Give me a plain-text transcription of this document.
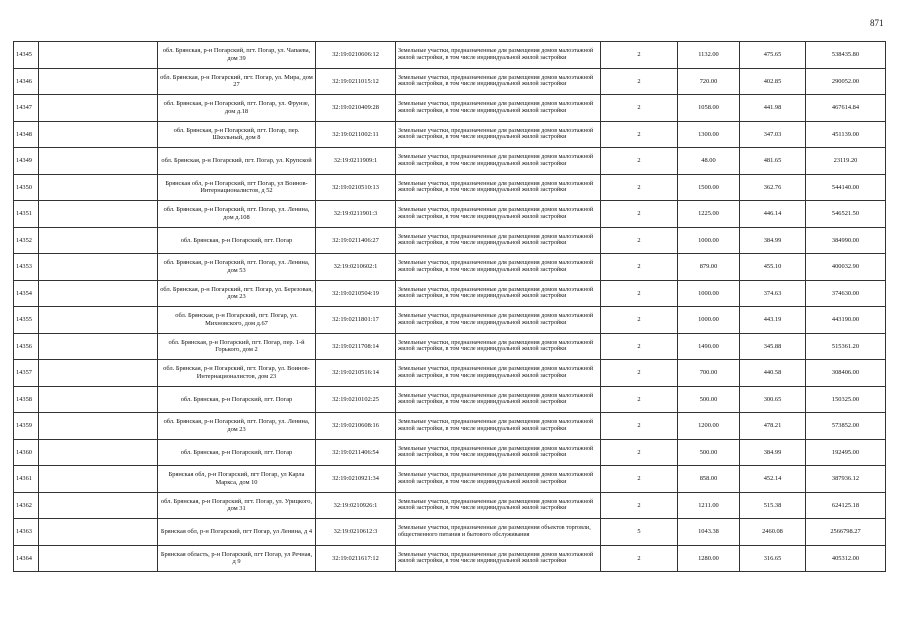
871
14345		обл. Брянская, р-н Погарский, пгт. Погар, ул. Чапаева, дом 39	32:19:0210606:12	Земельные участки, предназначенные для размещения домов малоэтажной жилой застройки, в том числе индивидуальной жилой застройки	2	1132.00	475.65	538435.80
14346		обл. Брянская, р-н Погарский, пгт. Погар, ул. Мира, дом 27	32:19:0211015:12	Земельные участки, предназначенные для размещения домов малоэтажной жилой застройки, в том числе индивидуальной жилой застройки	2	720.00	402.85	290052.00
14347		обл. Брянская, р-н Погарский, пгт. Погар, ул. Фрунзе, дом д.18	32:19:0210409:28	Земельные участки, предназначенные для размещения домов малоэтажной жилой застройки, в том числе индивидуальной жилой застройки	2	1058.00	441.98	467614.84
14348		обл. Брянская, р-н Погарский, пгт. Погар, пер. Школьный, дом 8	32:19:0211002:11	Земельные участки, предназначенные для размещения домов малоэтажной жилой застройки, в том числе индивидуальной жилой застройки	2	1300.00	347.03	451139.00
14349		обл. Брянская, р-н Погарский, пгт. Погар, ул. Крупской	32:19:0211909:1	Земельные участки, предназначенные для размещения домов малоэтажной жилой застройки, в том числе индивидуальной жилой застройки	2	48.00	481.65	23119.20
14350		Брянская обл, р-н Погарский, пгт Погар, ул Воинов-Интернационалистов, д 52	32:19:0210510:13	Земельные участки, предназначенные для размещения домов малоэтажной жилой застройки, в том числе индивидуальной жилой застройки	2	1500.00	362.76	544140.00
14351		обл. Брянская, р-н Погарский, пгт. Погар, ул. Ленина, дом д.108	32:19:0211901:3	Земельные участки, предназначенные для размещения домов малоэтажной жилой застройки, в том числе индивидуальной жилой застройки	2	1225.00	446.14	546521.50
14352		обл. Брянская, р-н Погарский, пгт. Погар	32:19:0211406:27	Земельные участки, предназначенные для размещения домов малоэтажной жилой застройки, в том числе индивидуальной жилой застройки	2	1000.00	384.99	384990.00
14353		обл. Брянская, р-н Погарский, пгт. Погар, ул. Ленина, дом 53	32:19:0210602:1	Земельные участки, предназначенные для размещения домов малоэтажной жилой застройки, в том числе индивидуальной жилой застройки	2	879.00	455.10	400032.90
14354		обл. Брянская, р-н Погарский, пгт. Погар, ул. Березовая, дом 23	32:19:0210504:19	Земельные участки, предназначенные для размещения домов малоэтажной жилой застройки, в том числе индивидуальной жилой застройки	2	1000.00	374.63	374630.00
14355		обл. Брянская, р-н Погарский, пгт. Погар, ул. Михновского, дом д.67	32:19:0211801:17	Земельные участки, предназначенные для размещения домов малоэтажной жилой застройки, в том числе индивидуальной жилой застройки	2	1000.00	443.19	443190.00
14356		обл. Брянская, р-н Погарский, пгт. Погар, пер. 1-й Горького, дом 2	32:19:0211708:14	Земельные участки, предназначенные для размещения домов малоэтажной жилой застройки, в том числе индивидуальной жилой застройки	2	1490.00	345.88	515361.20
14357		обл. Брянская, р-н Погарский, пгт. Погар, ул. Воинов-Интернационалистов, дом 23	32:19:0210516:14	Земельные участки, предназначенные для размещения домов малоэтажной жилой застройки, в том числе индивидуальной жилой застройки	2	700.00	440.58	308406.00
14358		обл. Брянская, р-н Погарский, пгт. Погар	32:19:0210102:25	Земельные участки, предназначенные для размещения домов малоэтажной жилой застройки, в том числе индивидуальной жилой застройки	2	500.00	300.65	150325.00
14359		обл. Брянская, р-н Погарский, пгт. Погар, ул. Ленина, дом 23	32:19:0210608:16	Земельные участки, предназначенные для размещения домов малоэтажной жилой застройки, в том числе индивидуальной жилой застройки	2	1200.00	478.21	573852.00
14360		обл. Брянская, р-н Погарский, пгт. Погар	32:19:0211406:54	Земельные участки, предназначенные для размещения домов малоэтажной жилой застройки, в том числе индивидуальной жилой застройки	2	500.00	384.99	192495.00
14361		Брянская обл, р-н Погарский, пгт Погар, ул Карла Маркса, дом 10	32:19:0210921:34	Земельные участки, предназначенные для размещения домов малоэтажной жилой застройки, в том числе индивидуальной жилой застройки	2	858.00	452.14	387936.12
14362		обл. Брянская, р-н Погарский, пгт. Погар, ул. Урицкого, дом 31	32:19:0210926:1	Земельные участки, предназначенные для размещения домов малоэтажной жилой застройки, в том числе индивидуальной жилой застройки	2	1211.00	515.38	624125.18
14363		Брянская обл, р-н Погарский, пгт Погар, ул Ленина, д 4	32:19:0210612:3	Земельные участки, предназначенные для размещения объектов торговли, общественного питания и бытового обслуживания	5	1043.38	2460.08	2566798.27
14364		Брянская область, р-н Погарский, пгт Погар, ул Речная, д 9	32:19:0211617:12	Земельные участки, предназначенные для размещения домов малоэтажной жилой застройки, в том числе индивидуальной жилой застройки	2	1280.00	316.65	405312.00
